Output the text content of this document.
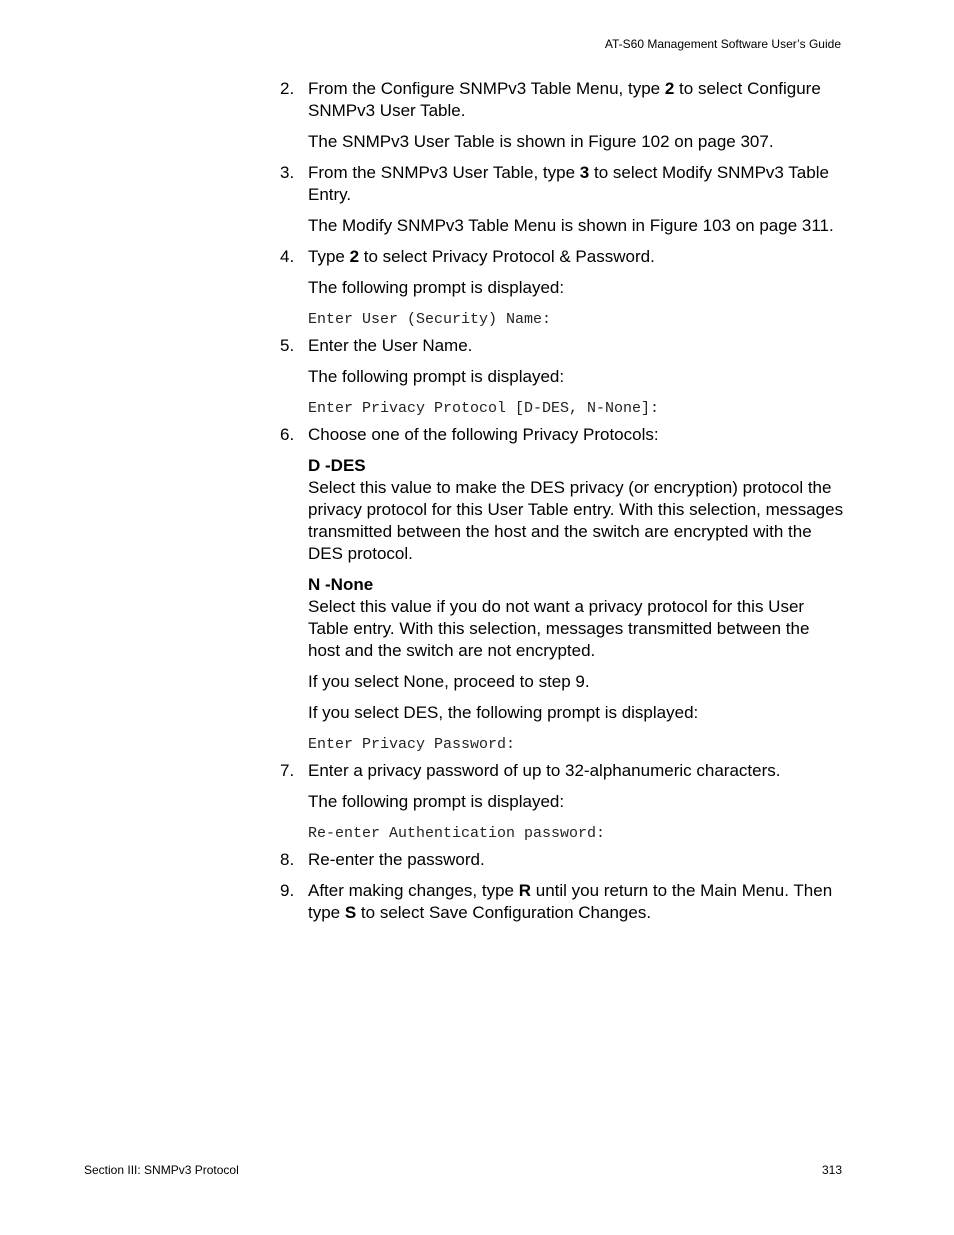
AT-S60 Management Software User’s Guide
2. From the Configure SNMPv3 Table Menu, type 2 to select Configure SNMPv3 User Table.
The SNMPv3 User Table is shown in Figure 102 on page 307.
3. From the SNMPv3 User Table, type 3 to select Modify SNMPv3 Table Entry.
The Modify SNMPv3 Table Menu is shown in Figure 103 on page 311.
4. Type 2 to select Privacy Protocol & Password.
The following prompt is displayed:
Enter User (Security) Name:
5. Enter the User Name.
The following prompt is displayed:
Enter Privacy Protocol [D-DES, N-None]:
6. Choose one of the following Privacy Protocols:
D -DES
Select this value to make the DES privacy (or encryption) protocol the privacy protocol for this User Table entry. With this selection, messages transmitted between the host and the switch are encrypted with the DES protocol.
N -None
Select this value if you do not want a privacy protocol for this User Table entry. With this selection, messages transmitted between the host and the switch are not encrypted.
If you select None, proceed to step 9.
If you select DES, the following prompt is displayed:
Enter Privacy Password:
7. Enter a privacy password of up to 32-alphanumeric characters.
The following prompt is displayed:
Re-enter Authentication password:
8. Re-enter the password.
9. After making changes, type R until you return to the Main Menu. Then type S to select Save Configuration Changes.
Section III: SNMPv3 Protocol	313
